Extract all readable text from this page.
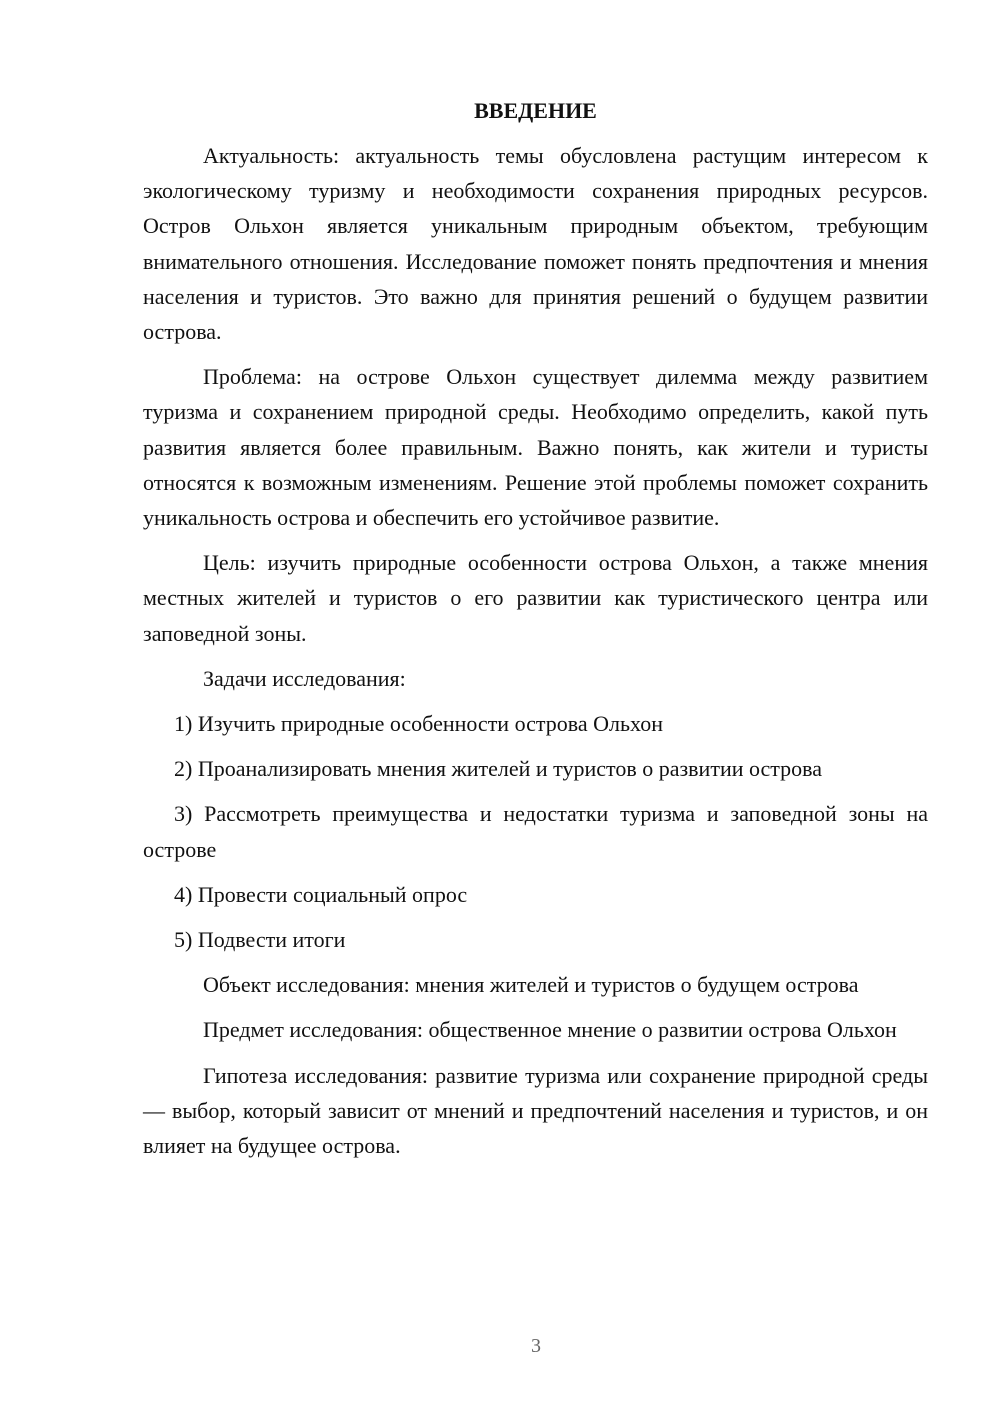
ВВЕДЕНИЕ

Актуальность: актуальность темы обусловлена растущим интересом к экологическому туризму и необходимости сохранения природных ресурсов. Остров Ольхон является уникальным природным объектом, требующим внимательного отношения. Исследование поможет понять предпочтения и мнения населения и туристов. Это важно для принятия решений о будущем развитии острова.

Проблема: на острове Ольхон существует дилемма между развитием туризма и сохранением природной среды. Необходимо определить, какой путь развития является более правильным. Важно понять, как жители и туристы относятся к возможным изменениям. Решение этой проблемы поможет сохранить уникальность острова и обеспечить его устойчивое развитие.

Цель: изучить природные особенности острова Ольхон, а также мнения местных жителей и туристов о его развитии как туристического центра или заповедной зоны.

Задачи исследования:

1) Изучить природные особенности острова Ольхон

2) Проанализировать мнения жителей и туристов о развитии острова

3) Рассмотреть преимущества и недостатки туризма и заповедной зоны на острове

4) Провести социальный опрос

5) Подвести итоги

Объект исследования: мнения жителей и туристов о будущем острова

Предмет исследования: общественное мнение о развитии острова Ольхон

Гипотеза исследования: развитие туризма или сохранение природной среды — выбор, который зависит от мнений и предпочтений населения и туристов, и он влияет на будущее острова.

3
